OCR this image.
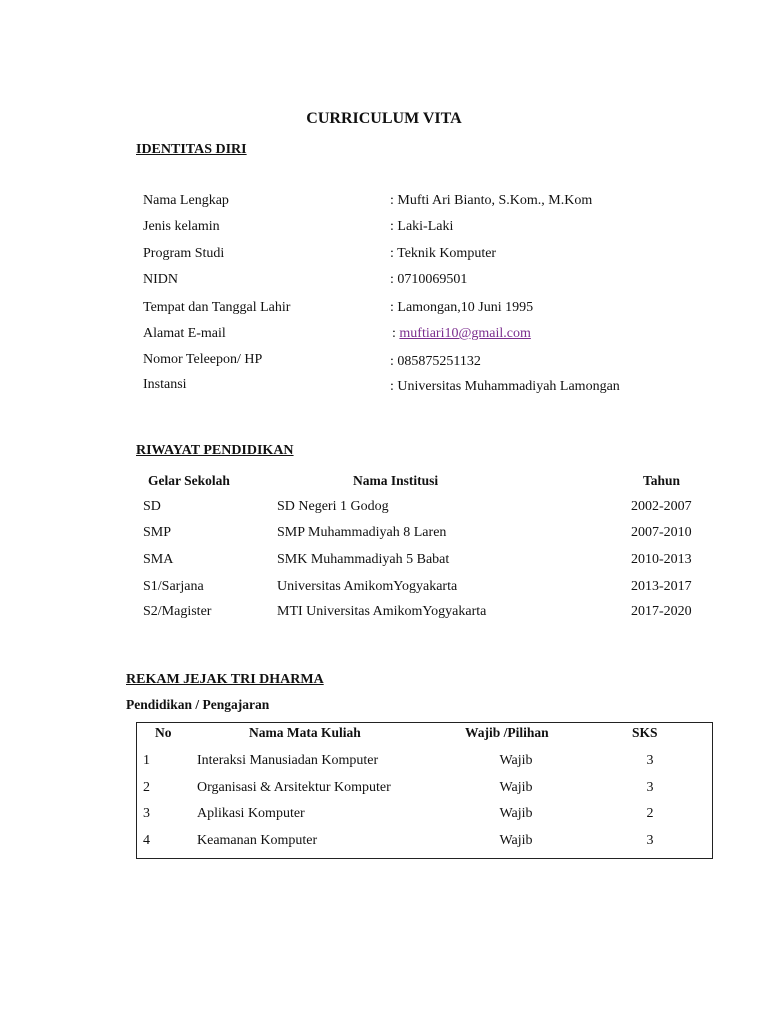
CURRICULUM VITA
IDENTITAS DIRI
Nama Lengkap	: Mufti Ari Bianto, S.Kom., M.Kom
Jenis kelamin	: Laki-Laki
Program Studi	: Teknik Komputer
NIDN	: 0710069501
Tempat dan Tanggal Lahir	: Lamongan,10 Juni 1995
Alamat E-mail	: muftiari10@gmail.com
Nomor Teleepon/ HP	: 085875251132
Instansi	: Universitas Muhammadiyah Lamongan
RIWAYAT PENDIDIKAN
Gelar Sekolah	Nama Institusi	Tahun
SD	SD Negeri 1 Godog	2002-2007
SMP	SMP Muhammadiyah 8 Laren	2007-2010
SMA	SMK Muhammadiyah 5 Babat	2010-2013
S1/Sarjana	Universitas AmikomYogyakarta	2013-2017
S2/Magister	MTI Universitas AmikomYogyakarta	2017-2020
REKAM JEJAK TRI DHARMA
Pendidikan / Pengajaran
No	Nama Mata Kuliah	Wajib /Pilihan	SKS
1	Interaksi Manusiadan Komputer	Wajib	3
2	Organisasi & Arsitektur Komputer	Wajib	3
3	Aplikasi Komputer	Wajib	2
4	Keamanan Komputer	Wajib	3
